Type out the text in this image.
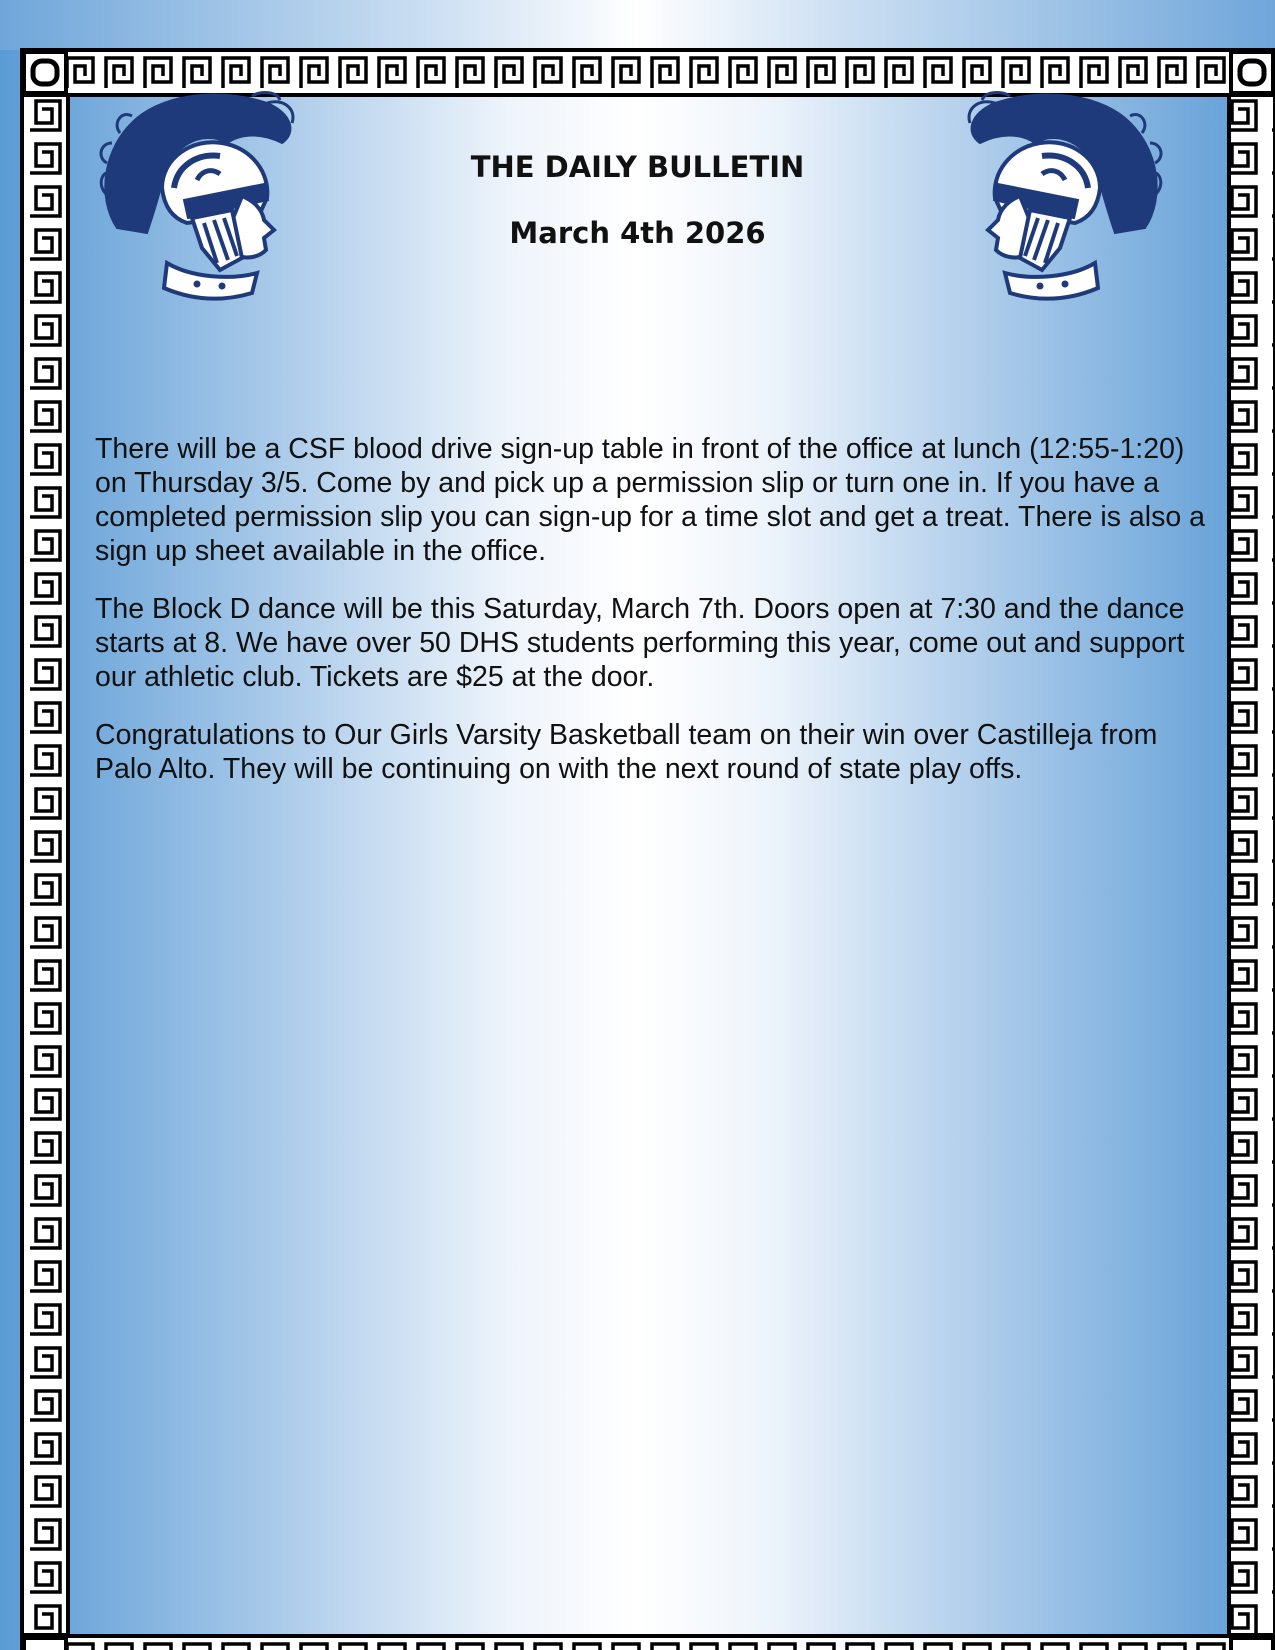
THE DAILY BULLETIN
March 4th 2026

There will be a CSF blood drive sign-up table in front of the office at lunch (12:55-1:20) on Thursday 3/5. Come by and pick up a permission slip or turn one in. If you have a completed permission slip you can sign-up for a time slot and get a treat. There is also a sign up sheet available in the office.

The Block D dance will be this Saturday, March 7th. Doors open at 7:30 and the dance starts at 8. We have over 50 DHS students performing this year, come out and support our athletic club. Tickets are $25 at the door.

Congratulations to Our Girls Varsity Basketball team on their win over Castilleja from Palo Alto. They will be continuing on with the next round of state play offs.
